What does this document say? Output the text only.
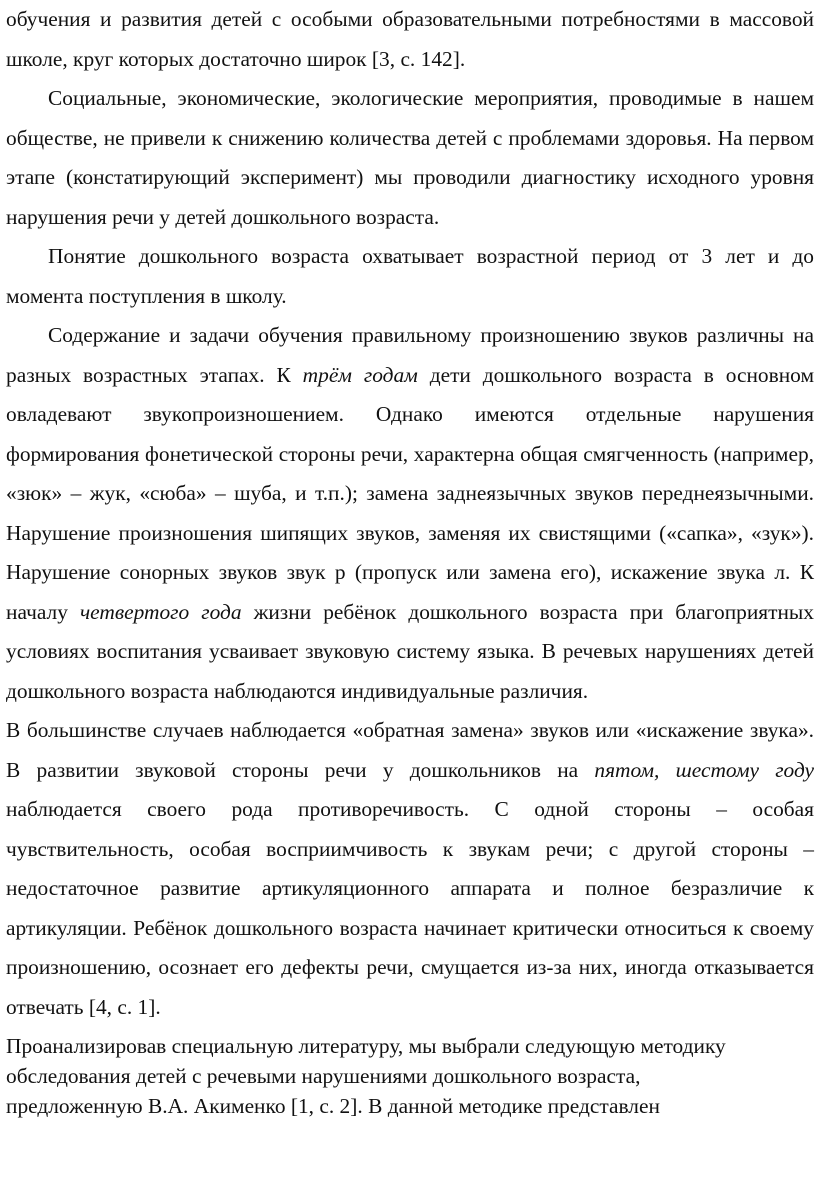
обучения и развития детей с особыми образовательными потребностями в массовой школе, круг которых достаточно широк [3, с. 142].

Социальные, экономические, экологические мероприятия, проводимые в нашем обществе, не привели к снижению количества детей с проблемами здоровья. На первом этапе (констатирующий эксперимент) мы проводили диагностику исходного уровня нарушения речи у детей дошкольного возраста.

Понятие дошкольного возраста охватывает возрастной период от 3 лет и до момента поступления в школу.

Содержание и задачи обучения правильному произношению звуков различны на разных возрастных этапах. К трём годам дети дошкольного возраста в основном овладевают звукопроизношением. Однако имеются отдельные нарушения формирования фонетической стороны речи, характерна общая смягченность (например, «зюк» – жук, «сюба» – шуба, и т.п.); замена заднеязычных звуков переднеязычными. Нарушение произношения шипящих звуков, заменяя их свистящими («сапка», «зук»). Нарушение сонорных звуков звук р (пропуск или замена его), искажение звука л. К началу четвертого года жизни ребёнок дошкольного возраста при благоприятных условиях воспитания усваивает звуковую систему языка. В речевых нарушениях детей дошкольного возраста наблюдаются индивидуальные различия.

В большинстве случаев наблюдается «обратная замена» звуков или «искажение звука». В развитии звуковой стороны речи у дошкольников на пятом, шестому году наблюдается своего рода противоречивость. С одной стороны – особая чувствительность, особая восприимчивость к звукам речи; с другой стороны – недостаточное развитие артикуляционного аппарата и полное безразличие к артикуляции. Ребёнок дошкольного возраста начинает критически относиться к своему произношению, осознает его дефекты речи, смущается из-за них, иногда отказывается отвечать [4, с. 1].

Проанализировав специальную литературу, мы выбрали следующую методику
обследования детей с речевыми нарушениями дошкольного возраста,
предложенную В.А. Акименко [1, с. 2]. В данной методике представлен
